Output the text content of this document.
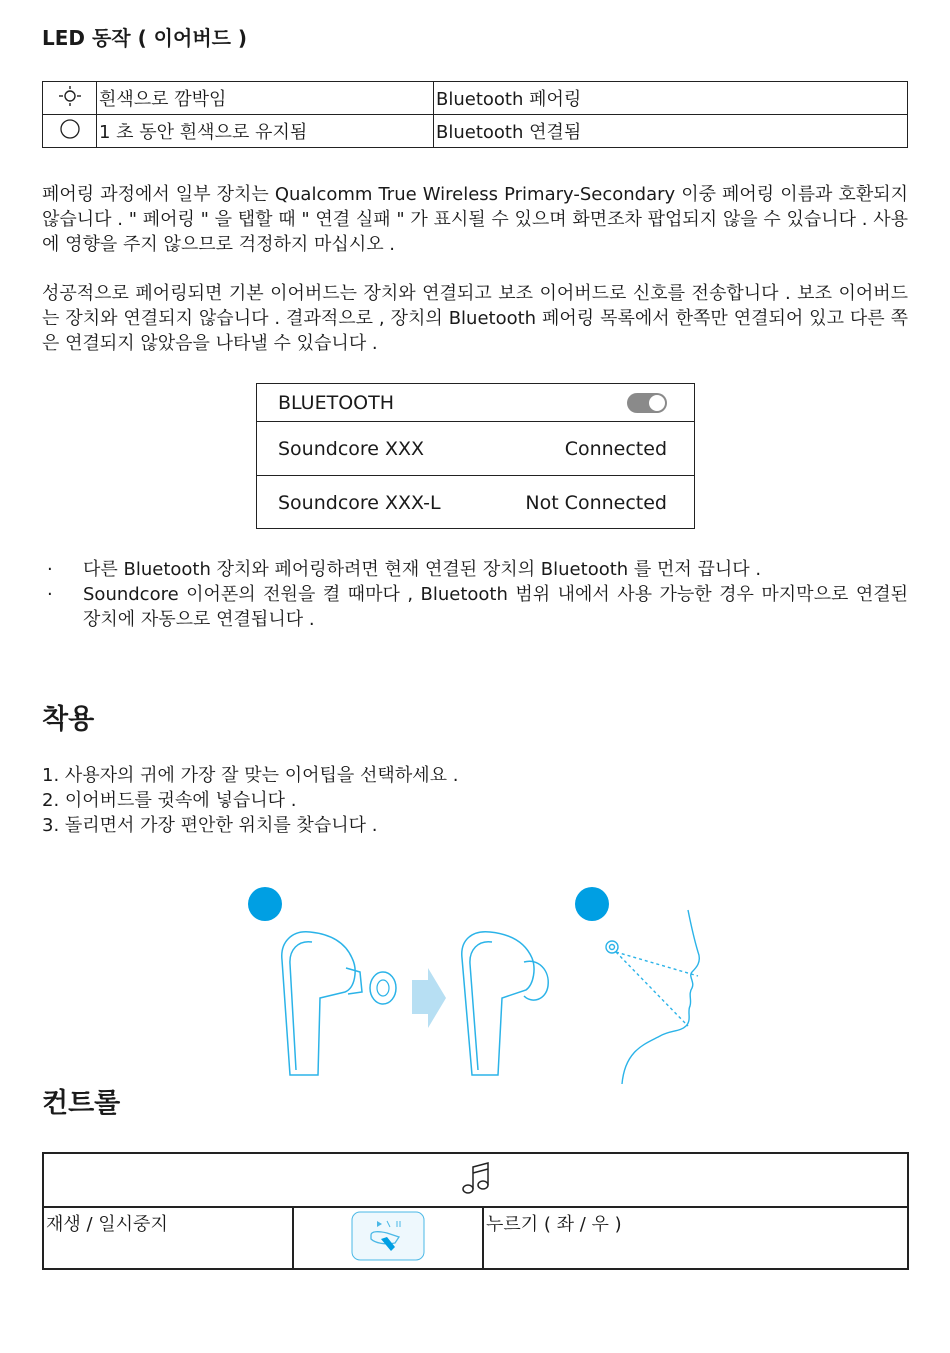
LED 동작 ( 이어버드 )
	흰색으로 깜박임	Bluetooth 페어링
	1 초 동안 흰색으로 유지됨	Bluetooth 연결됨
페어링 과정에서 일부 장치는 Qualcomm True Wireless Primary-Secondary 이중 페어링 이름과 호환되지 않습니다 . " 페어링 " 을 탭할 때 " 연결 실패 " 가 표시될 수 있으며 화면조차 팝업되지 않을 수 있습니다 . 사용에 영향을 주지 않으므로 걱정하지 마십시오 .
성공적으로 페어링되면 기본 이어버드는 장치와 연결되고 보조 이어버드로 신호를 전송합니다 . 보조 이어버드는 장치와 연결되지 않습니다 . 결과적으로 , 장치의 Bluetooth 페어링 목록에서 한쪽만 연결되어 있고 다른 쪽은 연결되지 않았음을 나타낼 수 있습니다 .
BLUETOOTH
Soundcore XXX	Connected
Soundcore XXX-L	Not Connected
· 다른 Bluetooth 장치와 페어링하려면 현재 연결된 장치의 Bluetooth 를 먼저 끕니다 .
· Soundcore 이어폰의 전원을 켤 때마다 , Bluetooth 범위 내에서 사용 가능한 경우 마지막으로 연결된 장치에 자동으로 연결됩니다 .
착용
1. 사용자의 귀에 가장 잘 맞는 이어팁을 선택하세요 .
2. 이어버드를 귓속에 넣습니다 .
3. 돌리면서 가장 편안한 위치를 찾습니다 .
컨트롤

재생 / 일시중지		누르기 ( 좌 / 우 )
